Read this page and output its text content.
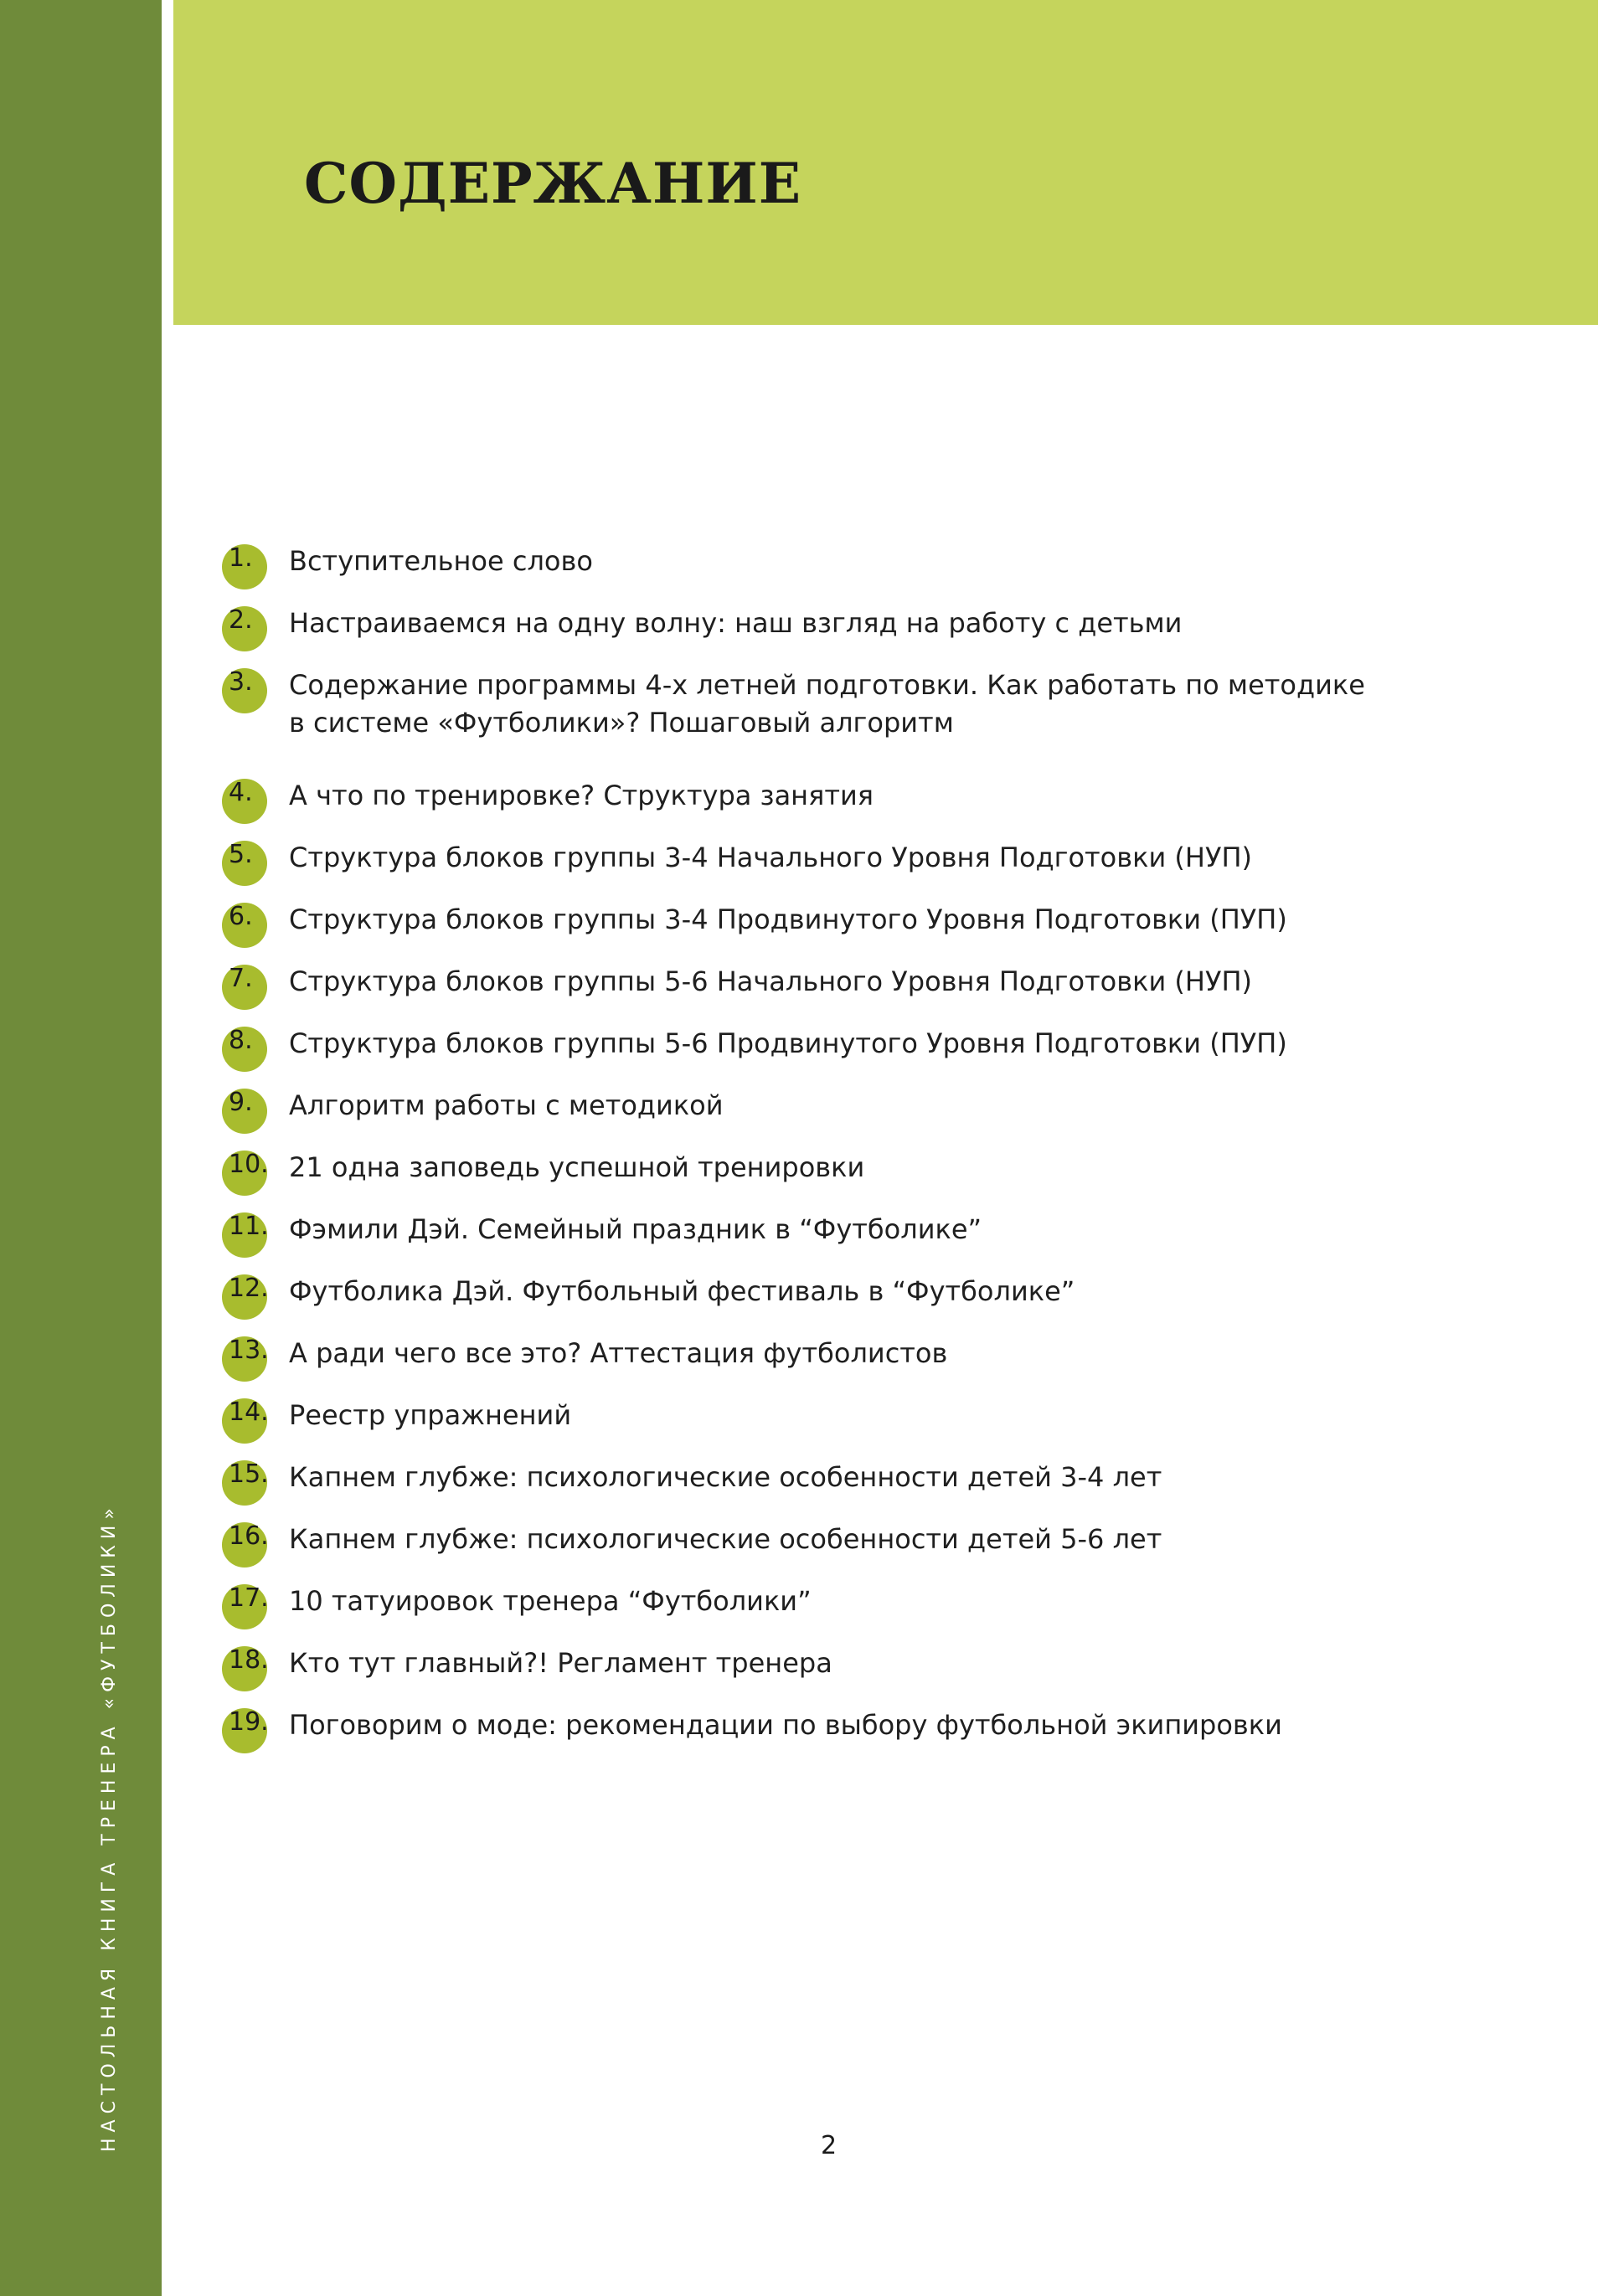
НАСТОЛЬНАЯ КНИГА ТРЕНЕРА «ФУТБОЛИКИ»
СОДЕРЖАНИЕ
1. Вступительное слово
2. Настраиваемся на одну волну: наш взгляд на работу с детьми
3. Содержание программы 4-х летней подготовки. Как работать по методике
в системе «Футболики»? Пошаговый алгоритм
4. А что по тренировке? Структура занятия
5. Структура блоков группы 3-4 Начального Уровня Подготовки (НУП)
6. Структура блоков группы 3-4 Продвинутого Уровня Подготовки (ПУП)
7. Структура блоков группы 5-6 Начального Уровня Подготовки (НУП)
8. Структура блоков группы 5-6 Продвинутого Уровня Подготовки (ПУП)
9. Алгоритм работы с методикой
10. 21 одна заповедь успешной тренировки
11. Фэмили Дэй. Семейный праздник в “Футболике”
12. Футболика Дэй. Футбольный фестиваль в “Футболике”
13. А ради чего все это? Аттестация футболистов
14. Реестр упражнений
15. Капнем глубже: психологические особенности детей 3-4 лет
16. Капнем глубже: психологические особенности детей 5-6 лет
17. 10 татуировок тренера “Футболики”
18. Кто тут главный?! Регламент тренера
19. Поговорим о моде: рекомендации по выбору футбольной экипировки
2
